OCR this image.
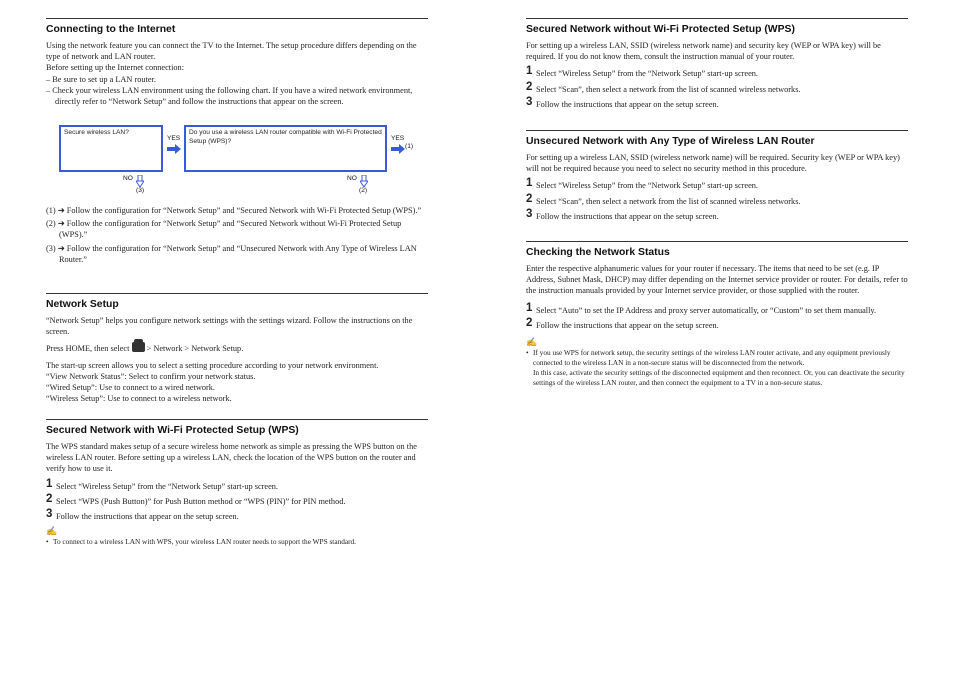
Connecting to the Internet

Using the network feature you can connect the TV to the Internet. The setup procedure differs depending on the type of network and LAN router.

Before setting up the Internet connection:

– Be sure to set up a LAN router.

– Check your wireless LAN environment using the following chart. If you have a wired network environment, directly refer to “Network Setup” and follow the instructions that appear on the screen.

Secure wireless LAN?
YES
Do you use a wireless LAN router compatible with Wi-Fi Protected Setup (WPS)?	YES
(1)
NO
(3)
NO
(2)

(1) ➜ Follow the configuration for “Network Setup” and “Secured Network with Wi-Fi Protected Setup (WPS).”

(2) ➜ Follow the configuration for “Network Setup” and “Secured Network without Wi-Fi Protected Setup (WPS).”

(3) ➜ Follow the configuration for “Network Setup” and “Unsecured Network with Any Type of Wireless LAN Router.”

Network Setup

“Network Setup” helps you configure network settings with the settings wizard. Follow the instructions on the screen.

Press HOME, then select > Network > Network Setup.

The start-up screen allows you to select a setting procedure according to your network environment.

“View Network Status”: Select to confirm your network status.

“Wired Setup”: Use to connect to a wired network.

“Wireless Setup”: Use to connect to a wireless network.

Secured Network with Wi-Fi Protected Setup (WPS)

The WPS standard makes setup of a secure wireless home network as simple as pressing the WPS button on the wireless LAN router. Before setting up a wireless LAN, check the location of the WPS button on the router and verify how to use it.

1 Select “Wireless Setup” from the “Network Setup” start-up screen.

2 Select “WPS (Push Button)” for Push Button method or “WPS (PIN)” for PIN method.

3 Follow the instructions that appear on the setup screen.

✍

• To connect to a wireless LAN with WPS, your wireless LAN router needs to support the WPS standard.

Secured Network without Wi-Fi Protected Setup (WPS)

For setting up a wireless LAN, SSID (wireless network name) and security key (WEP or WPA key) will be required. If you do not know them, consult the instruction manual of your router.

1 Select “Wireless Setup” from the “Network Setup” start-up screen.

2 Select “Scan”, then select a network from the list of scanned wireless networks.

3 Follow the instructions that appear on the setup screen.

Unsecured Network with Any Type of Wireless LAN Router

For setting up a wireless LAN, SSID (wireless network name) will be required. Security key (WEP or WPA key) will not be required because you need to select no security method in this procedure.

1 Select “Wireless Setup” from the “Network Setup” start-up screen.

2 Select “Scan”, then select a network from the list of scanned wireless networks.

3 Follow the instructions that appear on the setup screen.

Checking the Network Status

Enter the respective alphanumeric values for your router if necessary. The items that need to be set (e.g. IP Address, Subnet Mask, DHCP) may differ depending on the Internet service provider or router. For details, refer to the instruction manuals provided by your Internet service provider, or those supplied with the router.

1 Select “Auto” to set the IP Address and proxy server automatically, or “Custom” to set them manually.

2 Follow the instructions that appear on the setup screen.

✍

• If you use WPS for network setup, the security settings of the wireless LAN router activate, and any equipment previously connected to the wireless LAN in a non-secure status will be disconnected from the network.

In this case, activate the security settings of the disconnected equipment and then reconnect. Or, you can deactivate the security settings of the wireless LAN router, and then connect the equipment to a TV in a non-secure status.
